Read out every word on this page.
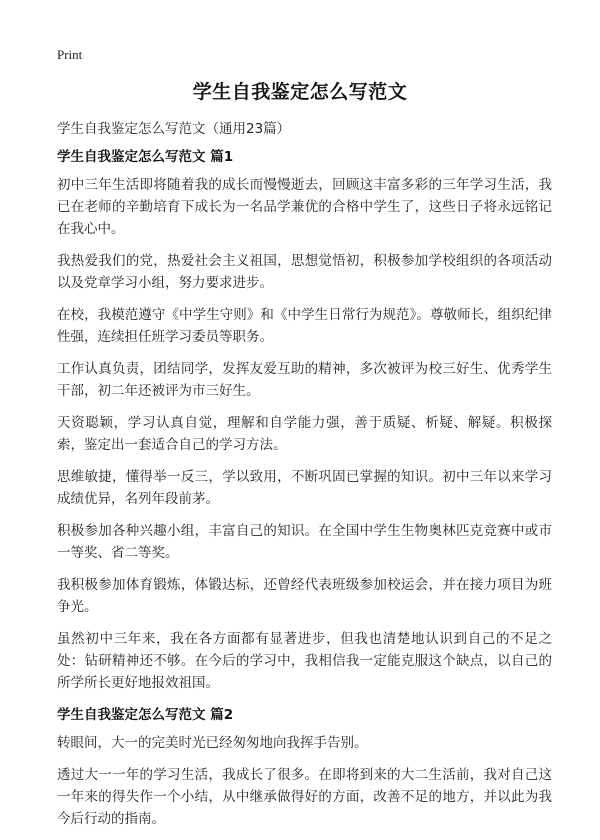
Print
学生自我鉴定怎么写范文
学生自我鉴定怎么写范文（通用23篇）
学生自我鉴定怎么写范文 篇1

初中三年生活即将随着我的成长而慢慢逝去，回顾这丰富多彩的三年学习生活，我已在老师的辛勤培育下成长为一名品学兼优的合格中学生了，这些日子将永远铭记在我心中。

我热爱我们的党，热爱社会主义祖国，思想觉悟初，积极参加学校组织的各项活动以及党章学习小组，努力要求进步。

在校，我模范遵守《中学生守则》和《中学生日常行为规范》。尊敬师长，组织纪律性强，连续担任班学习委员等职务。

工作认真负责，团结同学，发挥友爱互助的精神，多次被评为校三好生、优秀学生干部，初二年还被评为市三好生。

天资聪颖，学习认真自觉，理解和自学能力强，善于质疑、析疑、解疑。积极探索，鉴定出一套适合自己的学习方法。

思维敏捷，懂得举一反三，学以致用，不断巩固已掌握的知识。初中三年以来学习成绩优异，名列年段前茅。

积极参加各种兴趣小组，丰富自己的知识。在全国中学生生物奥林匹克竞赛中或市一等奖、省二等奖。

我积极参加体育锻炼，体锻达标，还曾经代表班级参加校运会，并在接力项目为班争光。

虽然初中三年来，我在各方面都有显著进步，但我也清楚地认识到自己的不足之处：钻研精神还不够。在今后的学习中，我相信我一定能克服这个缺点，以自己的所学所长更好地报效祖国。

学生自我鉴定怎么写范文 篇2

转眼间，大一的完美时光已经匆匆地向我挥手告别。

透过大一一年的学习生活，我成长了很多。在即将到来的大二生活前，我对自己这一年来的得失作一个小结，从中继承做得好的方面，改善不足的地方，并以此为我今后行动的指南。
